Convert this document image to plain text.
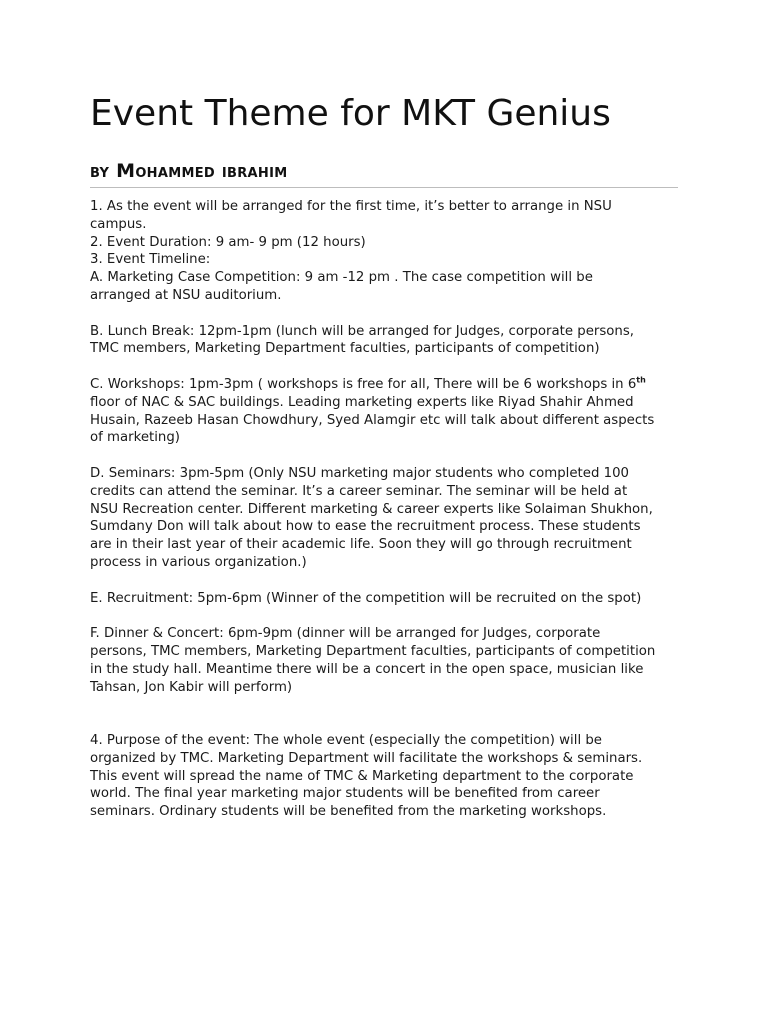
Event Theme for MKT Genius
by Mohammed ibrahim
1. As the event will be arranged for the first time, it’s better to arrange in NSU
campus.
2. Event Duration: 9 am- 9 pm (12 hours)
3. Event Timeline:
A. Marketing Case Competition: 9 am -12 pm . The case competition will be
arranged at NSU auditorium.
B. Lunch Break: 12pm-1pm (lunch will be arranged for Judges, corporate persons,
TMC members, Marketing Department faculties, participants of competition)
C. Workshops: 1pm-3pm ( workshops is free for all, There will be 6 workshops in 6th
floor of NAC & SAC buildings. Leading marketing experts like Riyad Shahir Ahmed
Husain, Razeeb Hasan Chowdhury, Syed Alamgir etc will talk about different aspects
of marketing)
D. Seminars: 3pm-5pm (Only NSU marketing major students who completed 100
credits can attend the seminar. It’s a career seminar. The seminar will be held at
NSU Recreation center. Different marketing & career experts like Solaiman Shukhon,
Sumdany Don will talk about how to ease the recruitment process. These students
are in their last year of their academic life. Soon they will go through recruitment
process in various organization.)
E. Recruitment: 5pm-6pm (Winner of the competition will be recruited on the spot)
F. Dinner & Concert: 6pm-9pm (dinner will be arranged for Judges, corporate
persons, TMC members, Marketing Department faculties, participants of competition
in the study hall. Meantime there will be a concert in the open space, musician like
Tahsan, Jon Kabir will perform)
4. Purpose of the event: The whole event (especially the competition) will be
organized by TMC. Marketing Department will facilitate the workshops & seminars.
This event will spread the name of TMC & Marketing department to the corporate
world. The final year marketing major students will be benefited from career
seminars. Ordinary students will be benefited from the marketing workshops.
